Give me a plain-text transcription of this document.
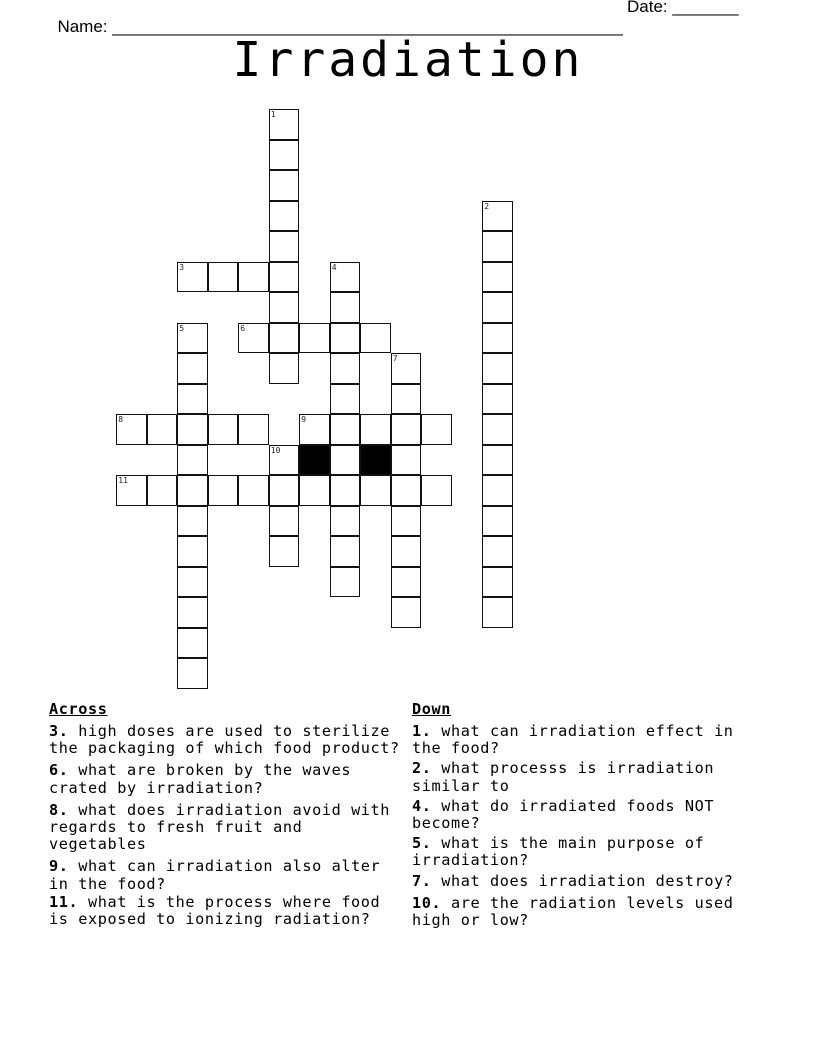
Name: ______________________________________________________

Date: _______

Irradiation
1
2
3	4
5	6
7
8	9
10
11
Across
3. high doses are used to sterilize the packaging of which food product?
6. what are broken by the waves crated by irradiation?
8. what does irradiation avoid with regards to fresh fruit and vegetables
9. what can irradiation also alter in the food?
11. what is the process where food is exposed to ionizing radiation?
Down
1. what can irradiation effect in the food?
2. what processs is irradiation similar to
4. what do irradiated foods NOT become?
5. what is the main purpose of irradiation?
7. what does irradiation destroy?
10. are the radiation levels used high or low?
